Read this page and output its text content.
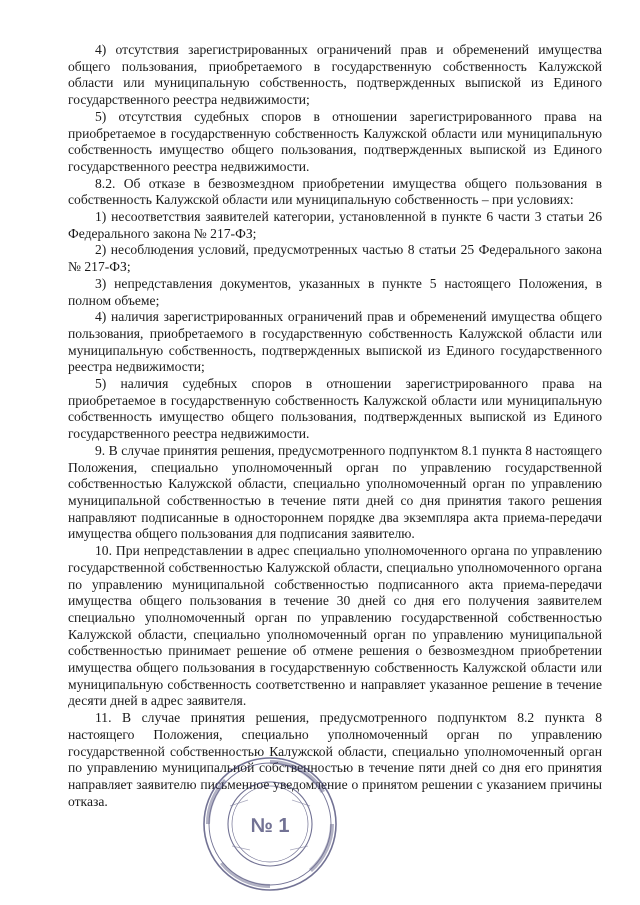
4) отсутствия зарегистрированных ограничений прав и обременений имущества общего пользования, приобретаемого в государственную собственность Калужской области или муниципальную собственность, подтвержденных выпиской из Единого государственного реестра недвижимости;

5) отсутствия судебных споров в отношении зарегистрированного права на приобретаемое в государственную собственность Калужской области или муниципальную собственность имущество общего пользования, подтвержденных выпиской из Единого государственного реестра недвижимости.

8.2. Об отказе в безвозмездном приобретении имущества общего пользования в собственность Калужской области или муниципальную собственность – при условиях:

1) несоответствия заявителей категории, установленной в пункте 6 части 3 статьи 26 Федерального закона № 217-ФЗ;

2) несоблюдения условий, предусмотренных частью 8 статьи 25 Федерального закона № 217-ФЗ;

3) непредставления документов, указанных в пункте 5 настоящего Положения, в полном объеме;

4) наличия зарегистрированных ограничений прав и обременений имущества общего пользования, приобретаемого в государственную собственность Калужской области или муниципальную собственность, подтвержденных выпиской из Единого государственного реестра недвижимости;

5) наличия судебных споров в отношении зарегистрированного права на приобретаемое в государственную собственность Калужской области или муниципальную собственность имущество общего пользования, подтвержденных выпиской из Единого государственного реестра недвижимости.

9. В случае принятия решения, предусмотренного подпунктом 8.1 пункта 8 настоящего Положения, специально уполномоченный орган по управлению государственной собственностью Калужской области, специально уполномоченный орган по управлению муниципальной собственностью в течение пяти дней со дня принятия такого решения направляют подписанные в одностороннем порядке два экземпляра акта приема-передачи имущества общего пользования для подписания заявителю.

10. При непредставлении в адрес специально уполномоченного органа по управлению государственной собственностью Калужской области, специально уполномоченного органа по управлению муниципальной собственностью подписанного акта приема-передачи имущества общего пользования в течение 30 дней со дня его получения заявителем специально уполномоченный орган по управлению государственной собственностью Калужской области, специально уполномоченный орган по управлению муниципальной собственностью принимает решение об отмене решения о безвозмездном приобретении имущества общего пользования в государственную собственность Калужской области или муниципальную собственность соответственно и направляет указанное решение в течение десяти дней в адрес заявителя.

11. В случае принятия решения, предусмотренного подпунктом 8.2 пункта 8 настоящего Положения, специально уполномоченный орган по управлению государственной собственностью Калужской области, специально уполномоченный орган по управлению муниципальной собственностью в течение пяти дней со дня его принятия направляет заявителю письменное уведомление о принятом решении с указанием причины отказа.

№ 1
